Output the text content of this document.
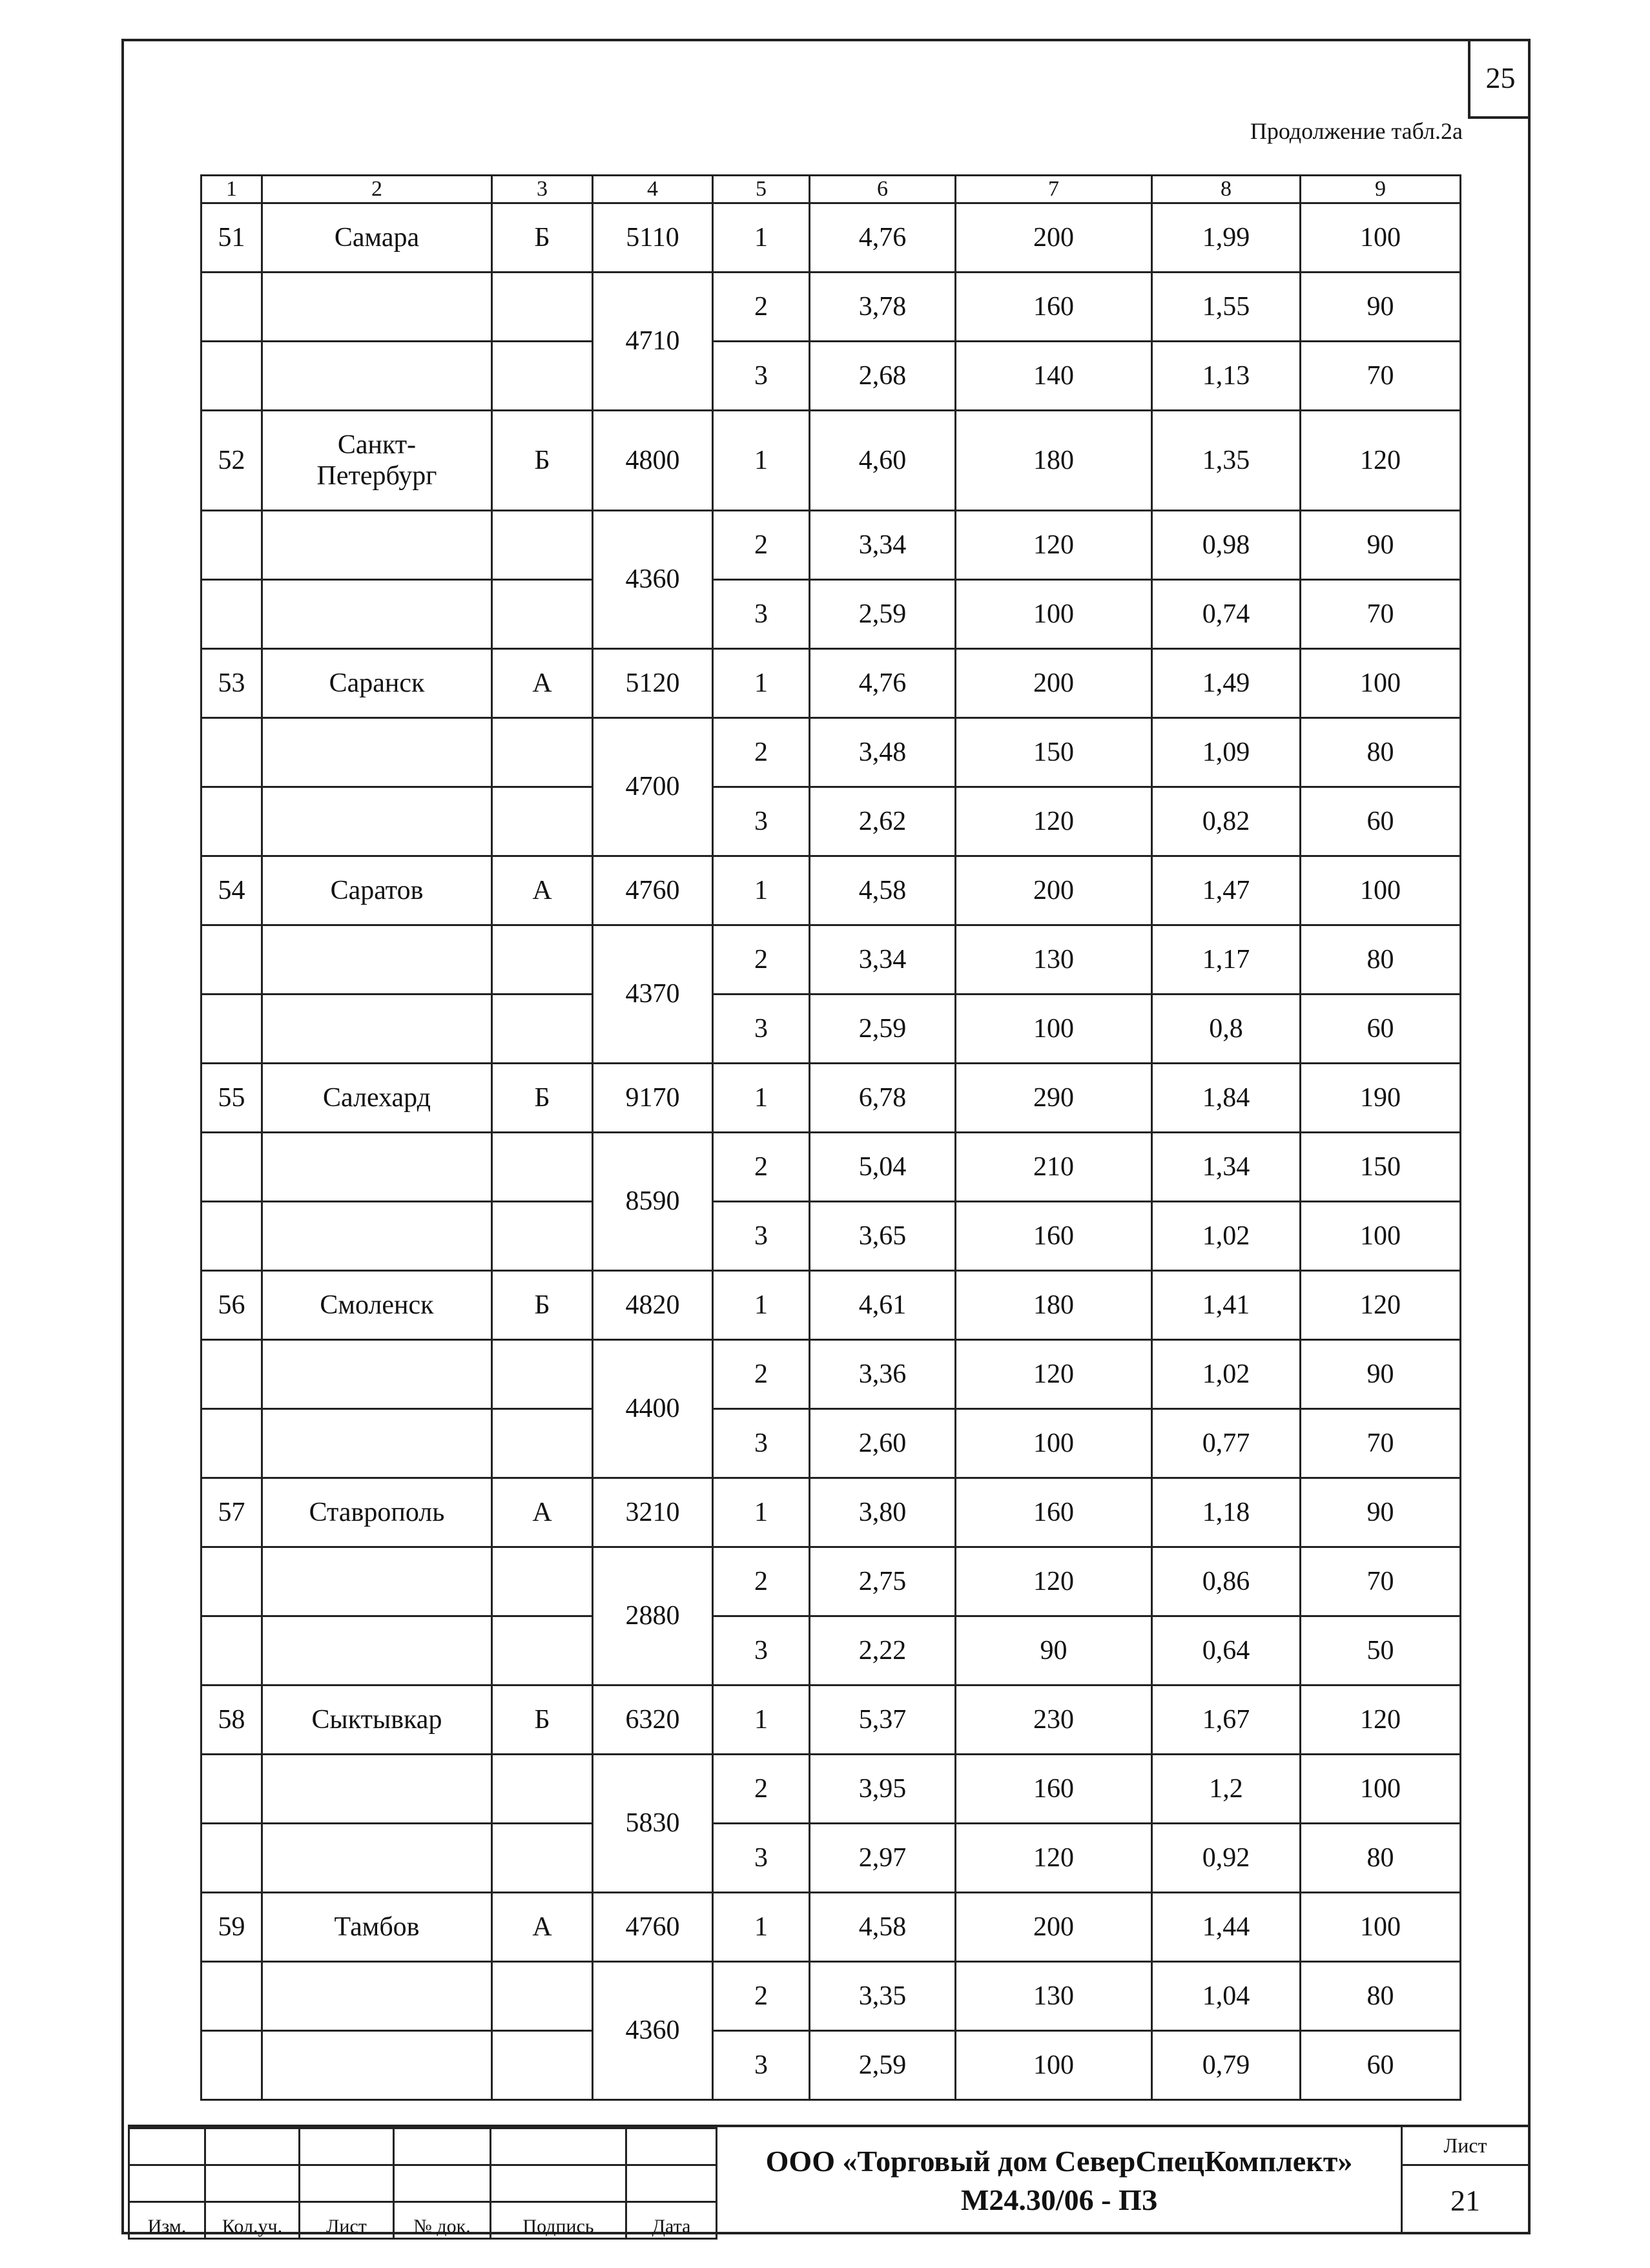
25
Продолжение табл.2а
1	2	3	4	5	6	7	8	9
51	Самара	Б	5110	1	4,76	200	1,99	100
			4710	2	3,78	160	1,55	90
				3	2,68	140	1,13	70
52	Санкт-Петербург	Б	4800	1	4,60	180	1,35	120
			4360	2	3,34	120	0,98	90
				3	2,59	100	0,74	70
53	Саранск	А	5120	1	4,76	200	1,49	100
			4700	2	3,48	150	1,09	80
				3	2,62	120	0,82	60
54	Саратов	А	4760	1	4,58	200	1,47	100
			4370	2	3,34	130	1,17	80
				3	2,59	100	0,8	60
55	Салехард	Б	9170	1	6,78	290	1,84	190
			8590	2	5,04	210	1,34	150
				3	3,65	160	1,02	100
56	Смоленск	Б	4820	1	4,61	180	1,41	120
			4400	2	3,36	120	1,02	90
				3	2,60	100	0,77	70
57	Ставрополь	А	3210	1	3,80	160	1,18	90
			2880	2	2,75	120	0,86	70
				3	2,22	90	0,64	50
58	Сыктывкар	Б	6320	1	5,37	230	1,67	120
			5830	2	3,95	160	1,2	100
				3	2,97	120	0,92	80
59	Тамбов	А	4760	1	4,58	200	1,44	100
			4360	2	3,35	130	1,04	80
				3	2,59	100	0,79	60

Изм.	Кол.уч.	Лист	№ док.	Подпись	Дата
ООО «Торговый дом СеверСпецКомплект»
М24.30/06 - ПЗ
Лист
21
